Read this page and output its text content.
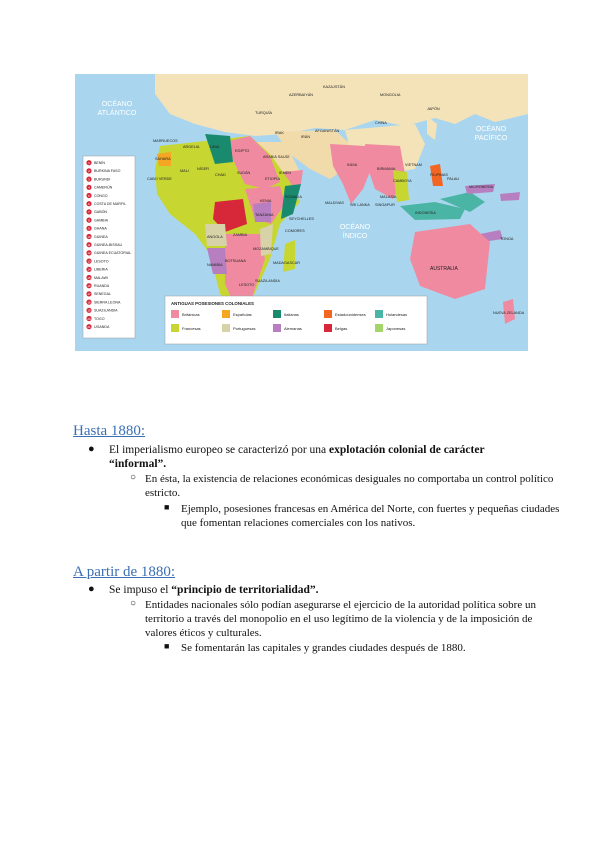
OCÉANO
ATLÁNTICO
OCÉANO
PACÍFICO
OCÉANO
ÍNDICO
KAZAJSTÁN
MONGOLIA
CHINA
JAPÓN
IRÁN
IRAK
ARABIA SAUDÍ
INDIA
EGIPTO
LIBIA
ARGELIA
MARRUECOS
SÁHARA
MALI NÍGER
CHAD	SUDÁN
ETIOPÍA
SOMALIA
KENIA
TANZANIA
ANGOLA	ZAMBIA
NAMIBIA
BOTSUANA
MOZAMBIQUE
MADAGASCAR
SEYCHELLES
MALDIVAS SRI LANKA
BIRMANIA
VIETNAM
CAMBOYA
FILIPINAS
INDONESIA
MALASIA
SINGAPUR
AUSTRALIA
NUEVA ZELANDA
PALAU
MICRONESIA
TONGA
CABO VERDE
SUAZILANDIA
LESOTO
COMORES
AFGANISTÁN
TURQUÍA
AZERBAIYÁN
IEMEN
1 BENÍN
2 BURKINA FASO
3 BURUNDI
4 CAMERÚN
5 CONGO
6 COSTA DE MARFIL
7 GABÓN
8 GAMBIA
9 GHANA
10 GUINEA
11 GUINEA-BISSAU
12 GUINEA ECUATORIAL
13 LESOTO
14 LIBERIA
15 MALAWI
16 RUANDA
17 SENEGAL
18 SIERRA LEONA
19 SUAZILANDIA
20 TOGO
21 UGANDA
ANTIGUAS POSESIONES COLONIALES
Británicas	Españolas	Italianas	Estadounidenses	Holandesas
Francesas	Portuguesas	Alemanas	Belgas	Japonesas
Hasta 1880:
● El imperialismo europeo se caracterizó por una explotación colonial de carácter
“informal”.

○ En ésta, la existencia de relaciones económicas desiguales no comportaba un control político
estricto.

■ Ejemplo, posesiones francesas en América del Norte, con fuertes y pequeñas ciudades
que fomentan relaciones comerciales con los nativos.

A partir de 1880:
● Se impuso el “principio de territorialidad”.

○ Entidades nacionales sólo podían asegurarse el ejercicio de la autoridad política sobre un
territorio a través del monopolio en el uso legítimo de la violencia y de la imposición de
valores éticos y culturales.

■ Se fomentarán las capitales y grandes ciudades después de 1880.
